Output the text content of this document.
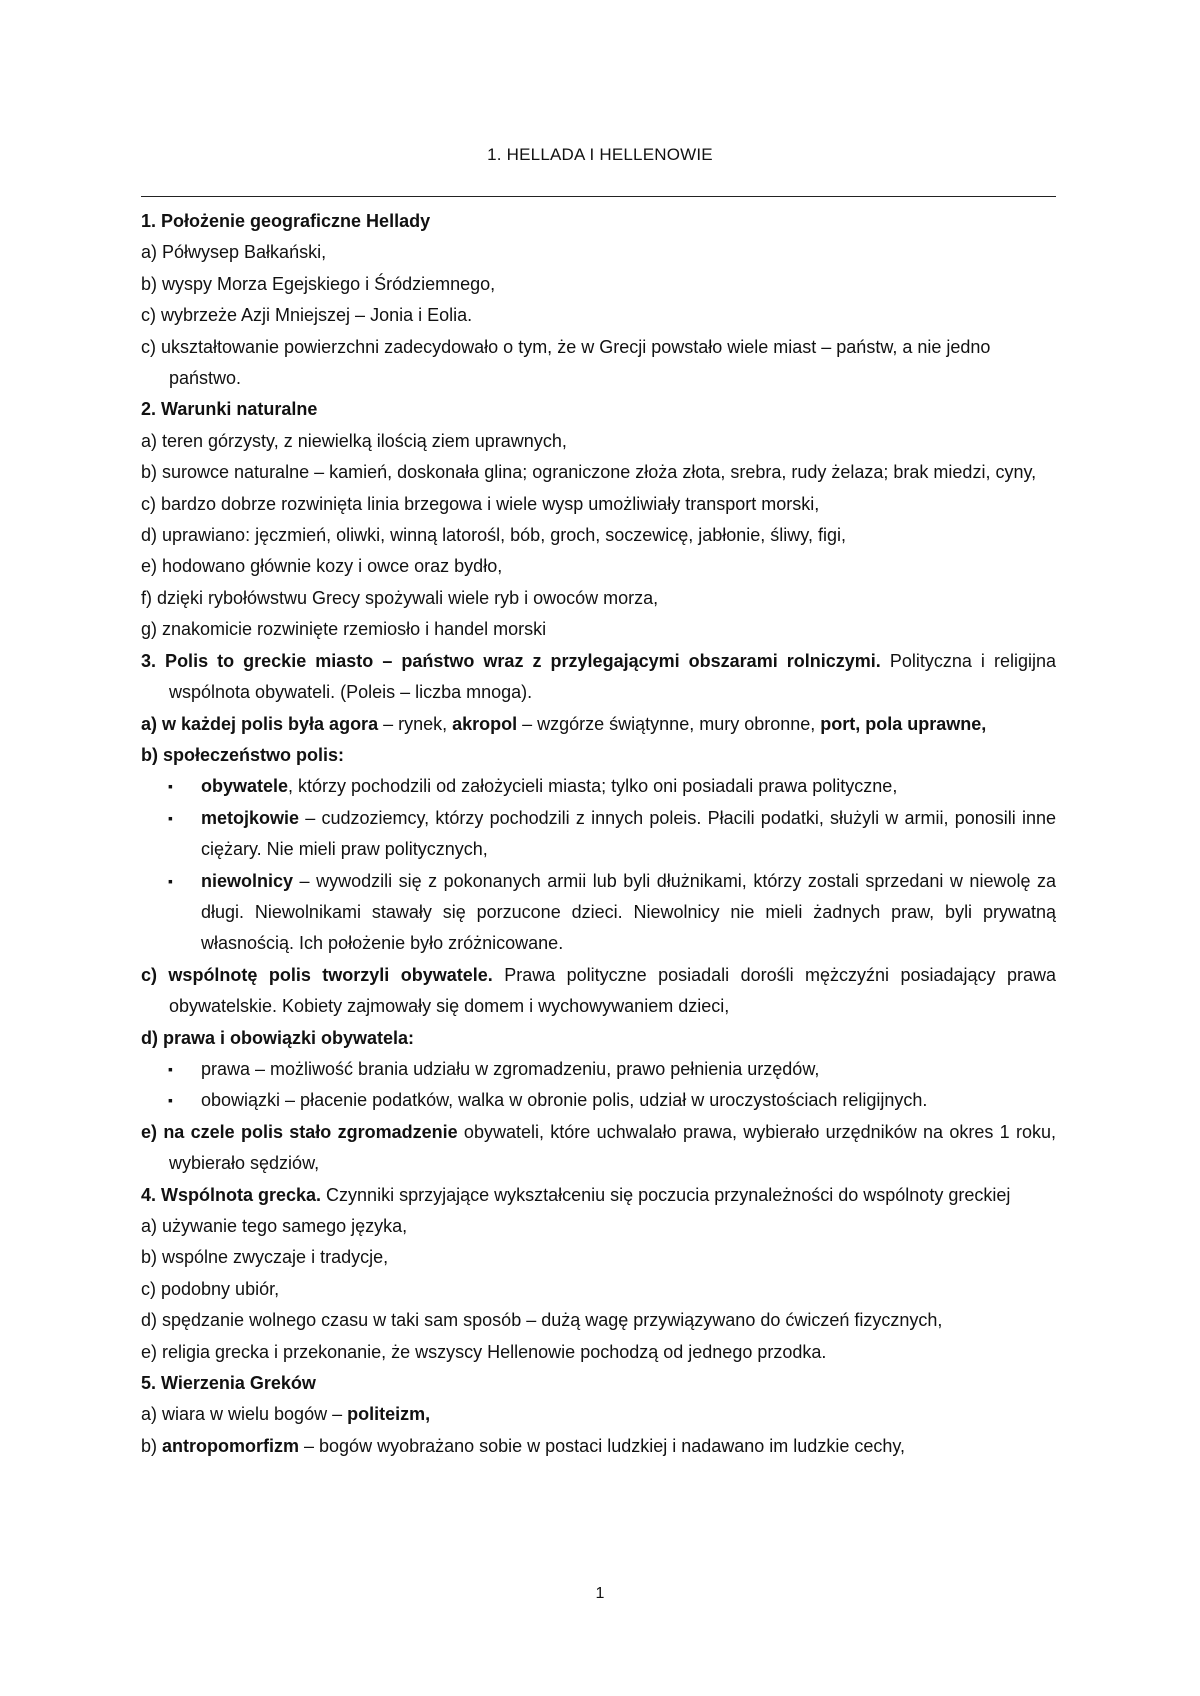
1. HELLADA I HELLENOWIE

1. Położenie geograficzne Hellady

a) Półwysep Bałkański,

b) wyspy Morza Egejskiego i Śródziemnego,

c) wybrzeże Azji Mniejszej – Jonia i Eolia.

c) ukształtowanie powierzchni zadecydowało o tym, że w Grecji powstało wiele miast – państw, a nie jedno państwo.

2. Warunki naturalne

a) teren górzysty, z niewielką ilością ziem uprawnych,

b) surowce naturalne – kamień, doskonała glina; ograniczone złoża złota, srebra, rudy żelaza; brak miedzi, cyny,

c) bardzo dobrze rozwinięta linia brzegowa i wiele wysp umożliwiały transport morski,

d) uprawiano: jęczmień, oliwki, winną latorośl, bób, groch, soczewicę, jabłonie, śliwy, figi,

e) hodowano głównie kozy i owce oraz bydło,

f) dzięki rybołówstwu Grecy spożywali wiele ryb i owoców morza,

g) znakomicie rozwinięte rzemiosło i handel morski

3. Polis to greckie miasto – państwo wraz z przylegającymi obszarami rolniczymi. Polityczna i religijna wspólnota obywateli. (Poleis – liczba mnoga).

a) w każdej polis była agora – rynek, akropol – wzgórze świątynne, mury obronne, port, pola uprawne,

b) społeczeństwo polis:

▪ obywatele, którzy pochodzili od założycieli miasta; tylko oni posiadali prawa polityczne,
▪ metojkowie – cudzoziemcy, którzy pochodzili z innych poleis. Płacili podatki, służyli w armii, ponosili inne ciężary. Nie mieli praw politycznych,
▪ niewolnicy – wywodzili się z pokonanych armii lub byli dłużnikami, którzy zostali sprzedani w niewolę za długi. Niewolnikami stawały się porzucone dzieci. Niewolnicy nie mieli żadnych praw, byli prywatną własnością. Ich położenie było zróżnicowane.

c) wspólnotę polis tworzyli obywatele. Prawa polityczne posiadali dorośli mężczyźni posiadający prawa obywatelskie. Kobiety zajmowały się domem i wychowywaniem dzieci,

d) prawa i obowiązki obywatela:

▪ prawa – możliwość brania udziału w zgromadzeniu, prawo pełnienia urzędów,
▪ obowiązki – płacenie podatków, walka w obronie polis, udział w uroczystościach religijnych.

e) na czele polis stało zgromadzenie obywateli, które uchwalało prawa, wybierało urzędników na okres 1 roku, wybierało sędziów,

4. Wspólnota grecka. Czynniki sprzyjające wykształceniu się poczucia przynależności do wspólnoty greckiej

a) używanie tego samego języka,

b) wspólne zwyczaje i tradycje,

c) podobny ubiór,

d) spędzanie wolnego czasu w taki sam sposób – dużą wagę przywiązywano do ćwiczeń fizycznych,

e) religia grecka i przekonanie, że wszyscy Hellenowie pochodzą od jednego przodka.

5. Wierzenia Greków

a) wiara w wielu bogów – politeizm,

b) antropomorfizm – bogów wyobrażano sobie w postaci ludzkiej i nadawano im ludzkie cechy,

1
